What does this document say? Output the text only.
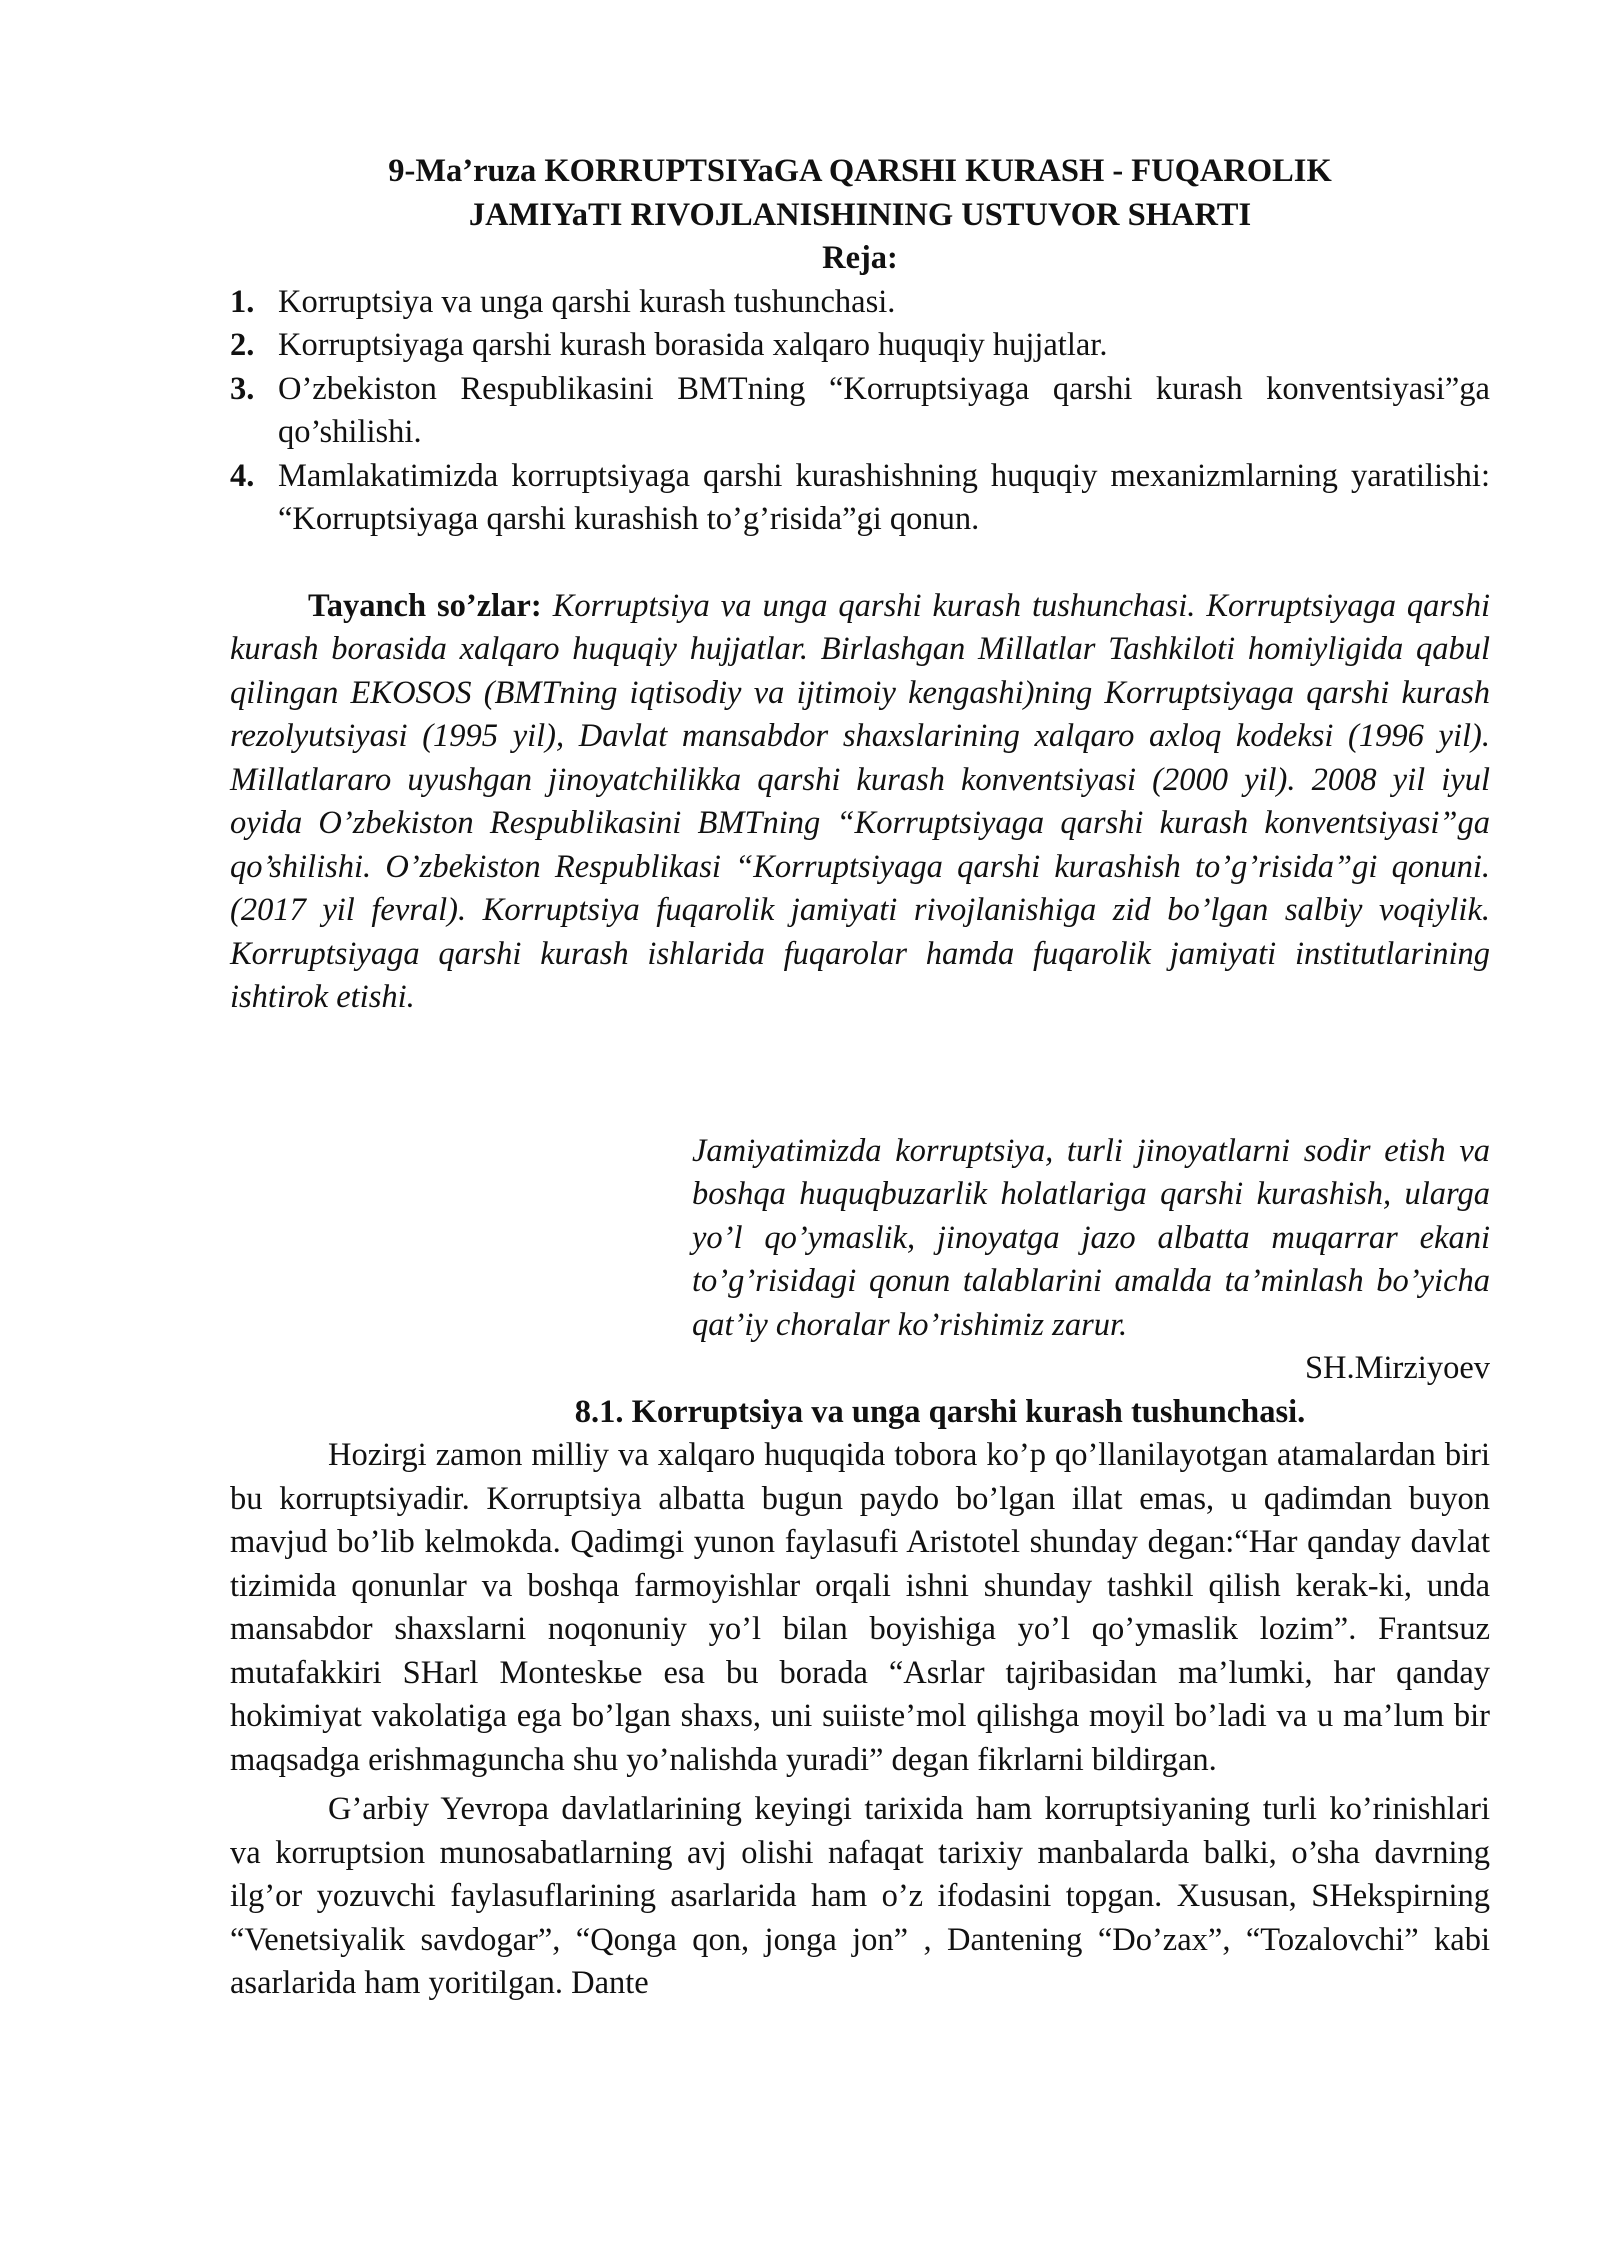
9-Ma’ruza KORRUPTSIYaGA QARSHI KURASH - FUQAROLIK
JAMIYaTI RIVOJLANISHINING USTUVOR SHARTI
Reja:
1. Korruptsiya va unga qarshi kurash tushunchasi.
2. Korruptsiyaga qarshi kurash borasida xalqaro huquqiy hujjatlar.
3. O’zbekiston Respublikasini BMTning “Korruptsiyaga qarshi kurash konventsiyasi”ga qo’shilishi.
4. Mamlakatimizda korruptsiyaga qarshi kurashishning huquqiy mexanizmlarning yaratilishi: “Korruptsiyaga qarshi kurashish to’g’risida”gi qonun.

Tayanch so’zlar: Korruptsiya va unga qarshi kurash tushunchasi. Korruptsiyaga qarshi kurash borasida xalqaro huquqiy hujjatlar. Birlashgan Millatlar Tashkiloti homiyligida qabul qilingan EKOSOS (BMTning iqtisodiy va ijtimoiy kengashi)ning Korruptsiyaga qarshi kurash rezolyutsiyasi (1995 yil), Davlat mansabdor shaxslarining xalqaro axloq kodeksi (1996 yil). Millatlararo uyushgan jinoyatchilikka qarshi kurash konventsiyasi (2000 yil). 2008 yil iyul oyida O’zbekiston Respublikasini BMTning “Korruptsiyaga qarshi kurash konventsiyasi”ga qo’shilishi. O’zbekiston Respublikasi “Korruptsiyaga qarshi kurashish to’g’risida”gi qonuni.(2017 yil fevral). Korruptsiya fuqarolik jamiyati rivojlanishiga zid bo’lgan salbiy voqiylik. Korruptsiyaga qarshi kurash ishlarida fuqarolar hamda fuqarolik jamiyati institutlarining ishtirok etishi.

Jamiyatimizda korruptsiya, turli jinoyatlarni sodir etish va boshqa huquqbuzarlik holatlariga qarshi kurashish, ularga yo’l qo’ymaslik, jinoyatga jazo albatta muqarrar ekani to’g’risidagi qonun talablarini amalda ta’minlash bo’yicha qat’iy choralar ko’rishimiz zarur.

SH.Mirziyoev

8.1. Korruptsiya va unga qarshi kurash tushunchasi.

Hozirgi zamon milliy va xalqaro huquqida tobora ko’p qo’llanilayotgan atamalardan biri bu korruptsiyadir. Korruptsiya albatta bugun paydo bo’lgan illat emas, u qadimdan buyon mavjud bo’lib kelmokda. Qadimgi yunon faylasufi Aristotel shunday degan:“Har qanday davlat tizimida qonunlar va boshqa farmoyishlar orqali ishni shunday tashkil qilish kerak-ki, unda mansabdor shaxslarni noqonuniy yo’l bilan boyishiga yo’l qo’ymaslik lozim”. Frantsuz mutafakkiri SHarl Monteskьe esa bu borada “Asrlar tajribasidan ma’lumki, har qanday hokimiyat vakolatiga ega bo’lgan shaxs, uni suiiste’mol qilishga moyil bo’ladi va u ma’lum bir maqsadga erishmaguncha shu yo’nalishda yuradi” degan fikrlarni bildirgan.

G’arbiy Yevropa davlatlarining keyingi tarixida ham korruptsiyaning turli ko’rinishlari va korruptsion munosabatlarning avj olishi nafaqat tarixiy manbalarda balki, o’sha davrning ilg’or yozuvchi faylasuflarining asarlarida ham o’z ifodasini topgan. Xususan, SHekspirning “Venetsiyalik savdogar”, “Qonga qon, jonga jon” , Dantening “Do’zax”, “Tozalovchi” kabi asarlarida ham yoritilgan. Dante
